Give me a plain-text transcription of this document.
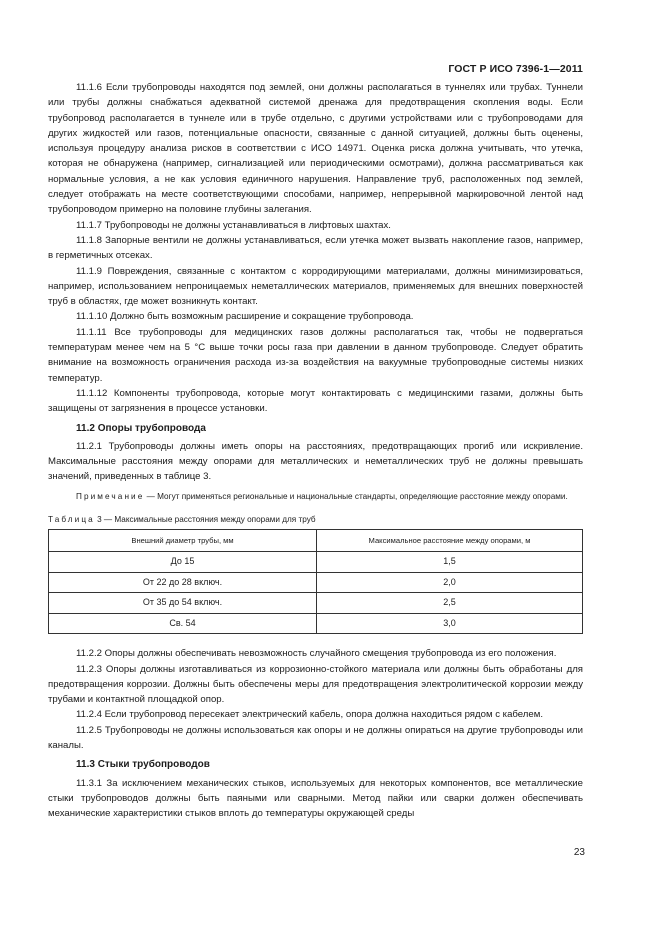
ГОСТ Р ИСО 7396-1—2011

11.1.6 Если трубопроводы находятся под землей, они должны располагаться в туннелях или трубах. Туннели или трубы должны снабжаться адекватной системой дренажа для предотвращения скопления воды. Если трубопровод располагается в туннеле или в трубе отдельно, с другими устройствами или с трубопроводами для других жидкостей или газов, потенциальные опасности, связанные с данной ситуацией, должны быть оценены, используя процедуру анализа рисков в соответствии с ИСО 14971. Оценка риска должна учитывать, что утечка, которая не обнаружена (например, сигнализацией или периодическими осмотрами), должна рассматриваться как нормальные условия, а не как условия единичного нарушения. Направление труб, расположенных под землей, следует отображать на месте соответствующими способами, например, непрерывной маркировочной лентой над трубопроводом примерно на половине глубины залегания.

11.1.7 Трубопроводы не должны устанавливаться в лифтовых шахтах.

11.1.8 Запорные вентили не должны устанавливаться, если утечка может вызвать накопление газов, например, в герметичных отсеках.

11.1.9 Повреждения, связанные с контактом с корродирующими материалами, должны минимизироваться, например, использованием непроницаемых неметаллических материалов, применяемых для внешних поверхностей труб в областях, где может возникнуть контакт.

11.1.10 Должно быть возможным расширение и сокращение трубопровода.

11.1.11 Все трубопроводы для медицинских газов должны располагаться так, чтобы не подвергаться температурам менее чем на 5 °С выше точки росы газа при давлении в данном трубопроводе. Следует обратить внимание на возможность ограничения расхода из-за воздействия на вакуумные трубопроводные системы низких температур.

11.1.12 Компоненты трубопровода, которые могут контактировать с медицинскими газами, должны быть защищены от загрязнения в процессе установки.

11.2 Опоры трубопровода

11.2.1 Трубопроводы должны иметь опоры на расстояниях, предотвращающих прогиб или искривление. Максимальные расстояния между опорами для металлических и неметаллических труб не должны превышать значений, приведенных в таблице 3.

Примечание — Могут применяться региональные и национальные стандарты, определяющие расстояние между опорами.

Таблица 3 — Максимальные расстояния между опорами для труб
Внешний диаметр трубы, мм	Максимальное расстояние между опорами, м
До 15	1,5
От 22 до 28 включ.	2,0
От 35 до 54 включ.	2,5
Св. 54	3,0

11.2.2 Опоры должны обеспечивать невозможность случайного смещения трубопровода из его положения.

11.2.3 Опоры должны изготавливаться из коррозионно-стойкого материала или должны быть обработаны для предотвращения коррозии. Должны быть обеспечены меры для предотвращения электролитической коррозии между трубами и контактной площадкой опор.

11.2.4 Если трубопровод пересекает электрический кабель, опора должна находиться рядом с кабелем.

11.2.5 Трубопроводы не должны использоваться как опоры и не должны опираться на другие трубопроводы или каналы.

11.3 Стыки трубопроводов

11.3.1 За исключением механических стыков, используемых для некоторых компонентов, все металлические стыки трубопроводов должны быть паяными или сварными. Метод пайки или сварки должен обеспечивать механические характеристики стыков вплоть до температуры окружающей среды

23
